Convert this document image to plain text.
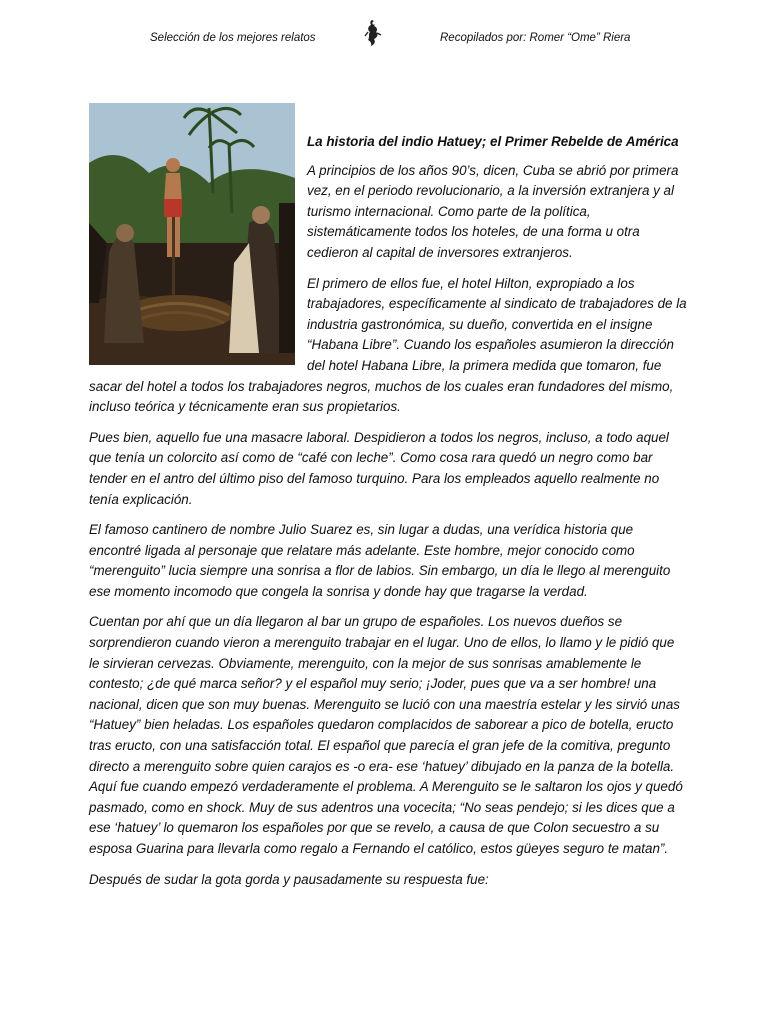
Selección de los mejores relatos	Recopilados por: Romer “Ome” Riera
La historia del indio Hatuey; el Primer Rebelde de América

A principios de los años 90’s, dicen, Cuba se abrió por primera vez, en el periodo revolucionario, a la inversión extranjera y al turismo internacional. Como parte de la política, sistemáticamente todos los hoteles, de una forma u otra cedieron al capital de inversores extranjeros.

El primero de ellos fue, el hotel Hilton, expropiado a los trabajadores, específicamente al sindicato de trabajadores de la industria gastronómica, su dueño, convertida en el insigne “Habana Libre”. Cuando los españoles asumieron la dirección del hotel Habana Libre, la primera medida que tomaron, fue sacar del hotel a todos los trabajadores negros, muchos de los cuales eran fundadores del mismo, incluso teórica y técnicamente eran sus propietarios.

Pues bien, aquello fue una masacre laboral. Despidieron a todos los negros, incluso, a todo aquel que tenía un colorcito así como de “café con leche”. Como cosa rara quedó un negro como bar tender en el antro del último piso del famoso turquino. Para los empleados aquello realmente no tenía explicación.

El famoso cantinero de nombre Julio Suarez es, sin lugar a dudas, una verídica historia que encontré ligada al personaje que relatare más adelante. Este hombre, mejor conocido como “merenguito” lucia siempre una sonrisa a flor de labios. Sin embargo, un día le llego al merenguito ese momento incomodo que congela la sonrisa y donde hay que tragarse la verdad.

Cuentan por ahí que un día llegaron al bar un grupo de españoles. Los nuevos dueños se sorprendieron cuando vieron a merenguito trabajar en el lugar. Uno de ellos, lo llamo y le pidió que le sirvieran cervezas. Obviamente, merenguito, con la mejor de sus sonrisas amablemente le contesto; ¿de qué marca señor? y el español muy serio; ¡Joder, pues que va a ser hombre! una nacional, dicen que son muy buenas. Merenguito se lució con una maestría estelar y les sirvió unas “Hatuey” bien heladas. Los españoles quedaron complacidos de saborear a pico de botella, eructo tras eructo, con una satisfacción total. El español que parecía el gran jefe de la comitiva, pregunto directo a merenguito sobre quien carajos es -o era- ese ‘hatuey’ dibujado en la panza de la botella. Aquí fue cuando empezó verdaderamente el problema. A Merenguito se le saltaron los ojos y quedó pasmado, como en shock. Muy de sus adentros una vocecita; “No seas pendejo; si les dices que a ese ‘hatuey’ lo quemaron los españoles por que se revelo, a causa de que Colon secuestro a su esposa Guarina para llevarla como regalo a Fernando el católico, estos güeyes seguro te matan”.

Después de sudar la gota gorda y pausadamente su respuesta fue:
